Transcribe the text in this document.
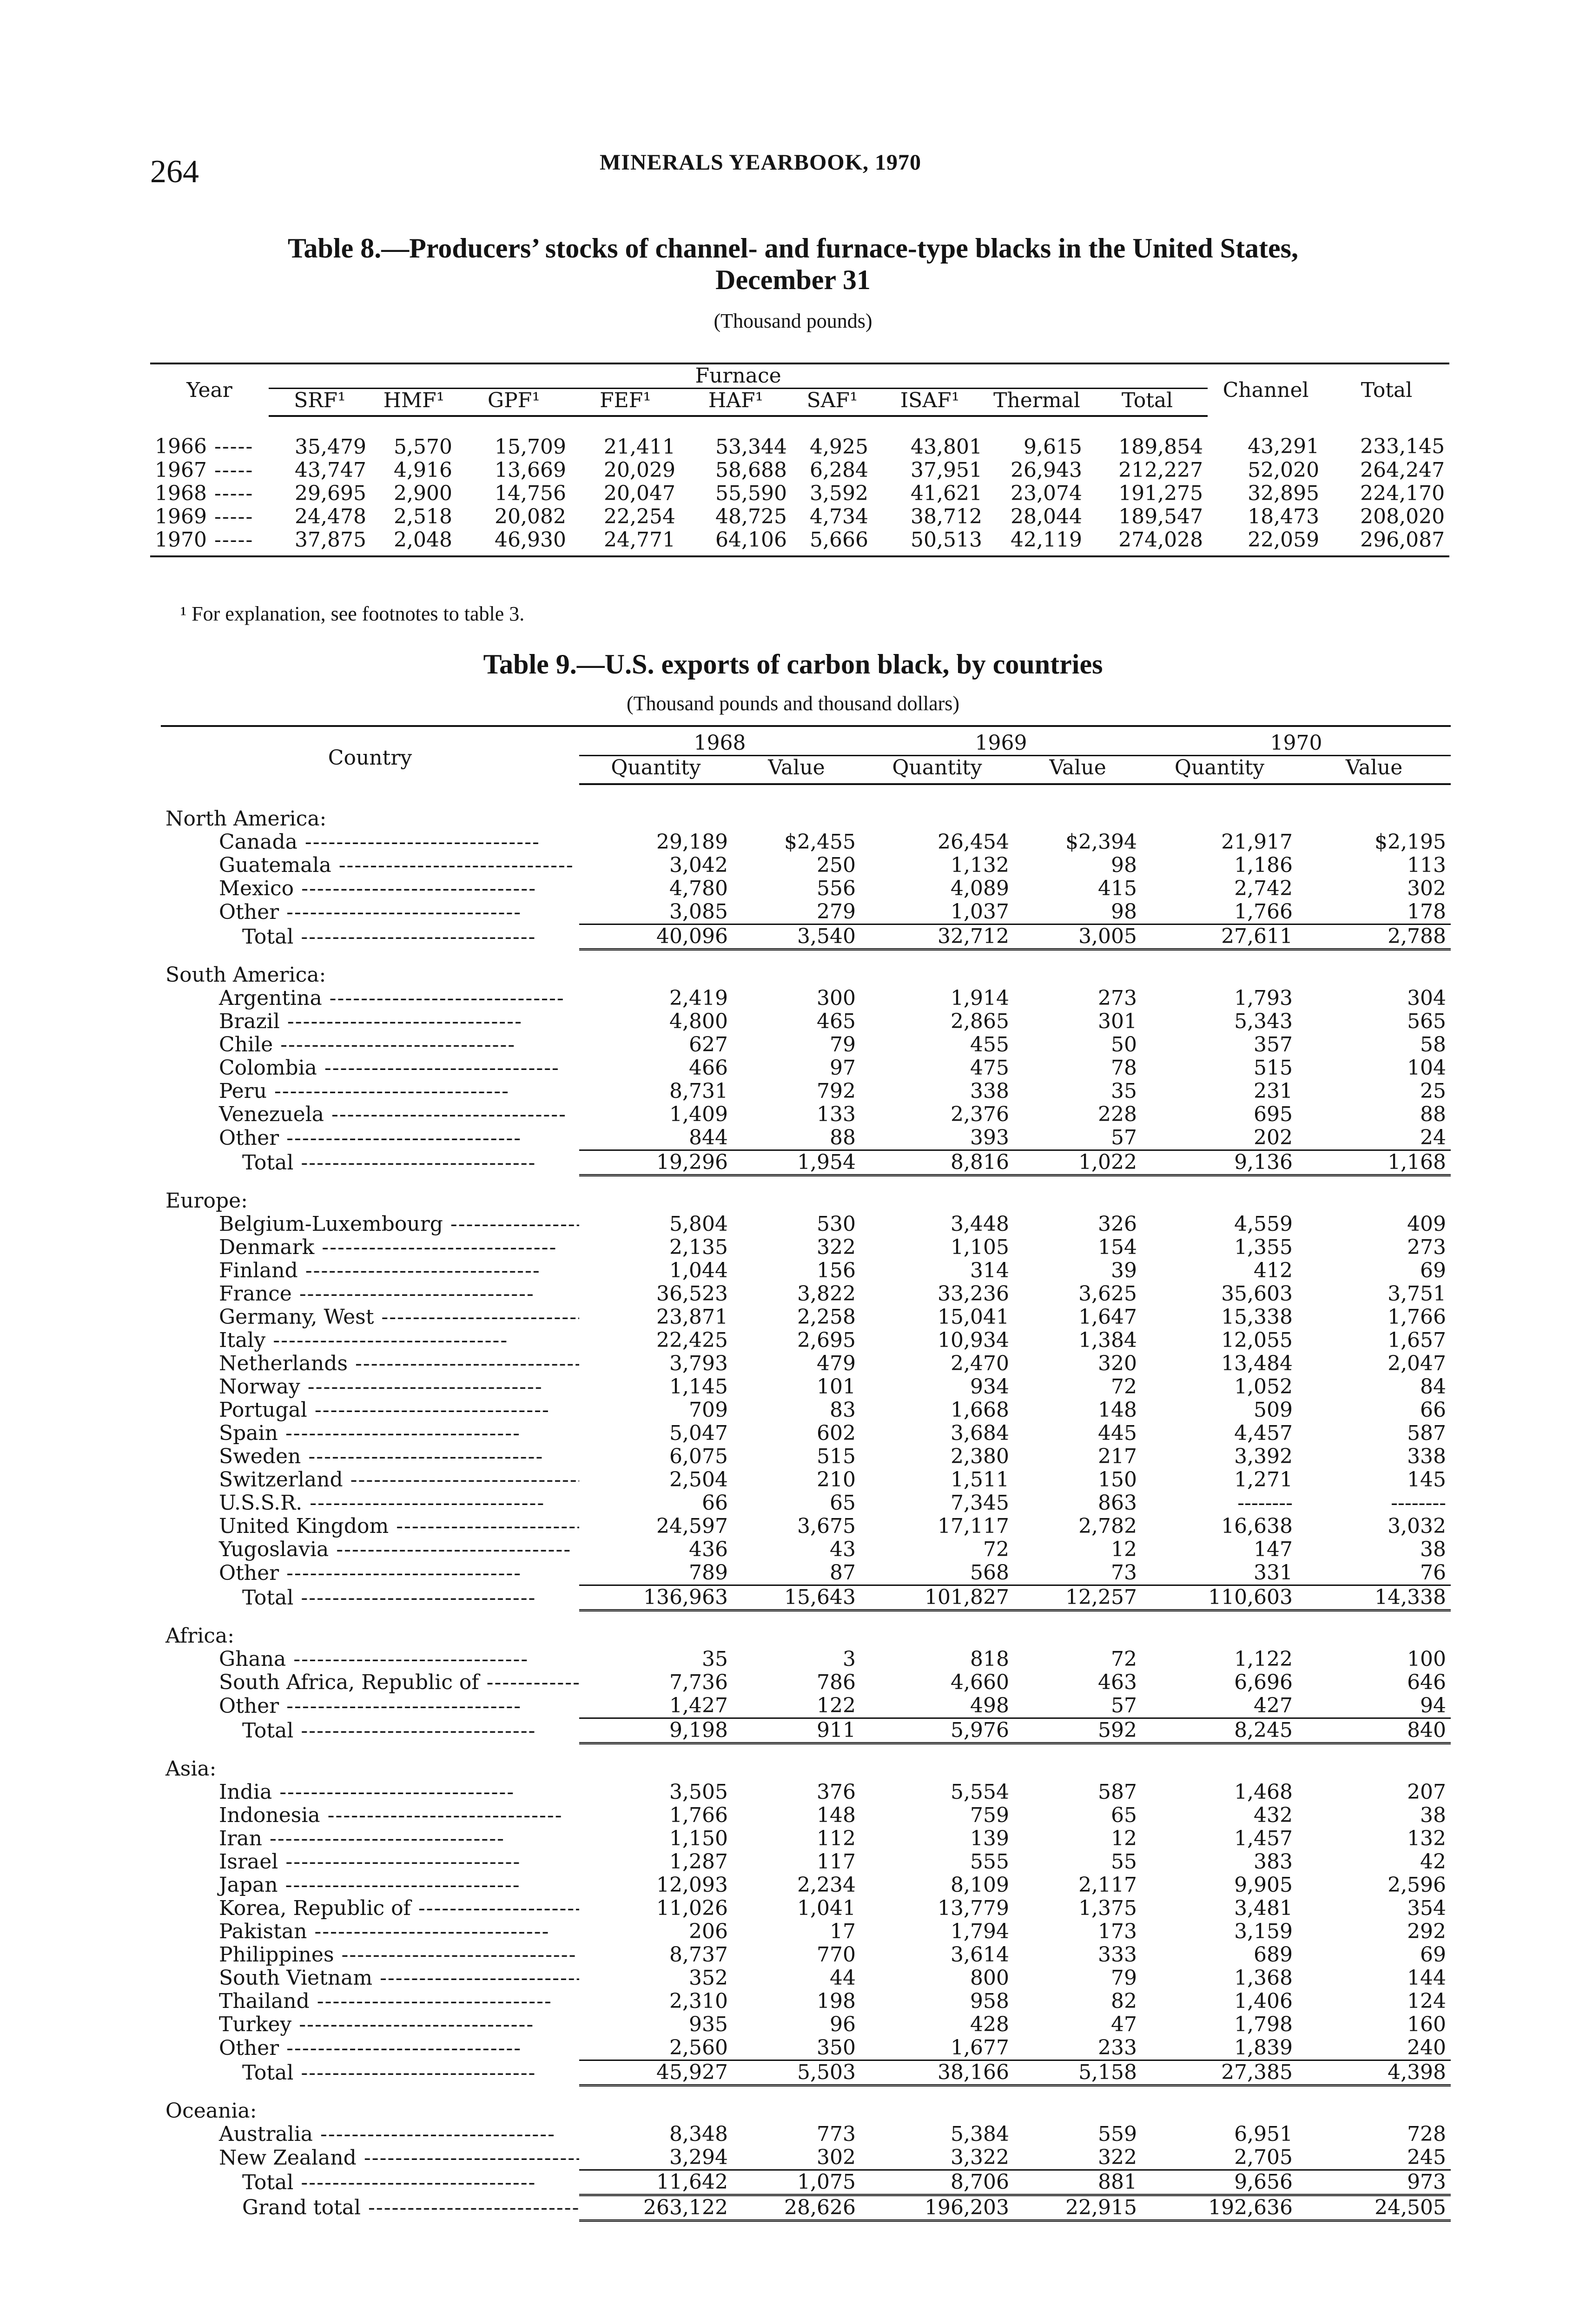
264	MINERALS YEARBOOK, 1970
Table 8.—Producers’ stocks of channel- and furnace-type blacks in the United States,
December 31
(Thousand pounds)
Year	Furnace									Channel	Total
	SRF¹	HMF¹	GPF¹	FEF¹	HAF¹	SAF¹	ISAF¹	Thermal	Total		
1966 -----	35,479	5,570	15,709	21,411	53,344	4,925	43,801	9,615	189,854	43,291	233,145
1967 -----	43,747	4,916	13,669	20,029	58,688	6,284	37,951	26,943	212,227	52,020	264,247
1968 -----	29,695	2,900	14,756	20,047	55,590	3,592	41,621	23,074	191,275	32,895	224,170
1969 -----	24,478	2,518	20,082	22,254	48,725	4,734	38,712	28,044	189,547	18,473	208,020
1970 -----	37,875	2,048	46,930	24,771	64,106	5,666	50,513	42,119	274,028	22,059	296,087
¹ For explanation, see footnotes to table 3.
Table 9.—U.S. exports of carbon black, by countries
(Thousand pounds and thousand dollars)
Country	1968		1969		1970	
	Quantity	Value	Quantity	Value	Quantity	Value
North America:						
Canada -----	29,189	$2,455	26,454	$2,394	21,917	$2,195
Guatemala -----	3,042	250	1,132	98	1,186	113
Mexico -----	4,780	556	4,089	415	2,742	302
Other -----	3,085	279	1,037	98	1,766	178
Total -----	40,096	3,540	32,712	3,005	27,611	2,788
South America:						
Argentina -----	2,419	300	1,914	273	1,793	304
Brazil -----	4,800	465	2,865	301	5,343	565
Chile -----	627	79	455	50	357	58
Colombia -----	466	97	475	78	515	104
Peru -----	8,731	792	338	35	231	25
Venezuela -----	1,409	133	2,376	228	695	88
Other -----	844	88	393	57	202	24
Total -----	19,296	1,954	8,816	1,022	9,136	1,168
Europe:						
Belgium-Luxembourg -----	5,804	530	3,448	326	4,559	409
Denmark -----	2,135	322	1,105	154	1,355	273
Finland -----	1,044	156	314	39	412	69
France -----	36,523	3,822	33,236	3,625	35,603	3,751
Germany, West -----	23,871	2,258	15,041	1,647	15,338	1,766
Italy -----	22,425	2,695	10,934	1,384	12,055	1,657
Netherlands -----	3,793	479	2,470	320	13,484	2,047
Norway -----	1,145	101	934	72	1,052	84
Portugal -----	709	83	1,668	148	509	66
Spain -----	5,047	602	3,684	445	4,457	587
Sweden -----	6,075	515	2,380	217	3,392	338
Switzerland -----	2,504	210	1,511	150	1,271	145
U.S.S.R. -----	66	65	7,345	863	--------	--------
United Kingdom -----	24,597	3,675	17,117	2,782	16,638	3,032
Yugoslavia -----	436	43	72	12	147	38
Other -----	789	87	568	73	331	76
Total -----	136,963	15,643	101,827	12,257	110,603	14,338
Africa:						
Ghana -----	35	3	818	72	1,122	100
South Africa, Republic of -----	7,736	786	4,660	463	6,696	646
Other -----	1,427	122	498	57	427	94
Total -----	9,198	911	5,976	592	8,245	840
Asia:						
India -----	3,505	376	5,554	587	1,468	207
Indonesia -----	1,766	148	759	65	432	38
Iran -----	1,150	112	139	12	1,457	132
Israel -----	1,287	117	555	55	383	42
Japan -----	12,093	2,234	8,109	2,117	9,905	2,596
Korea, Republic of -----	11,026	1,041	13,779	1,375	3,481	354
Pakistan -----	206	17	1,794	173	3,159	292
Philippines -----	8,737	770	3,614	333	689	69
South Vietnam -----	352	44	800	79	1,368	144
Thailand -----	2,310	198	958	82	1,406	124
Turkey -----	935	96	428	47	1,798	160
Other -----	2,560	350	1,677	233	1,839	240
Total -----	45,927	5,503	38,166	5,158	27,385	4,398
Oceania:						
Australia -----	8,348	773	5,384	559	6,951	728
New Zealand -----	3,294	302	3,322	322	2,705	245
Total -----	11,642	1,075	8,706	881	9,656	973
Grand total -----	263,122	28,626	196,203	22,915	192,636	24,505
